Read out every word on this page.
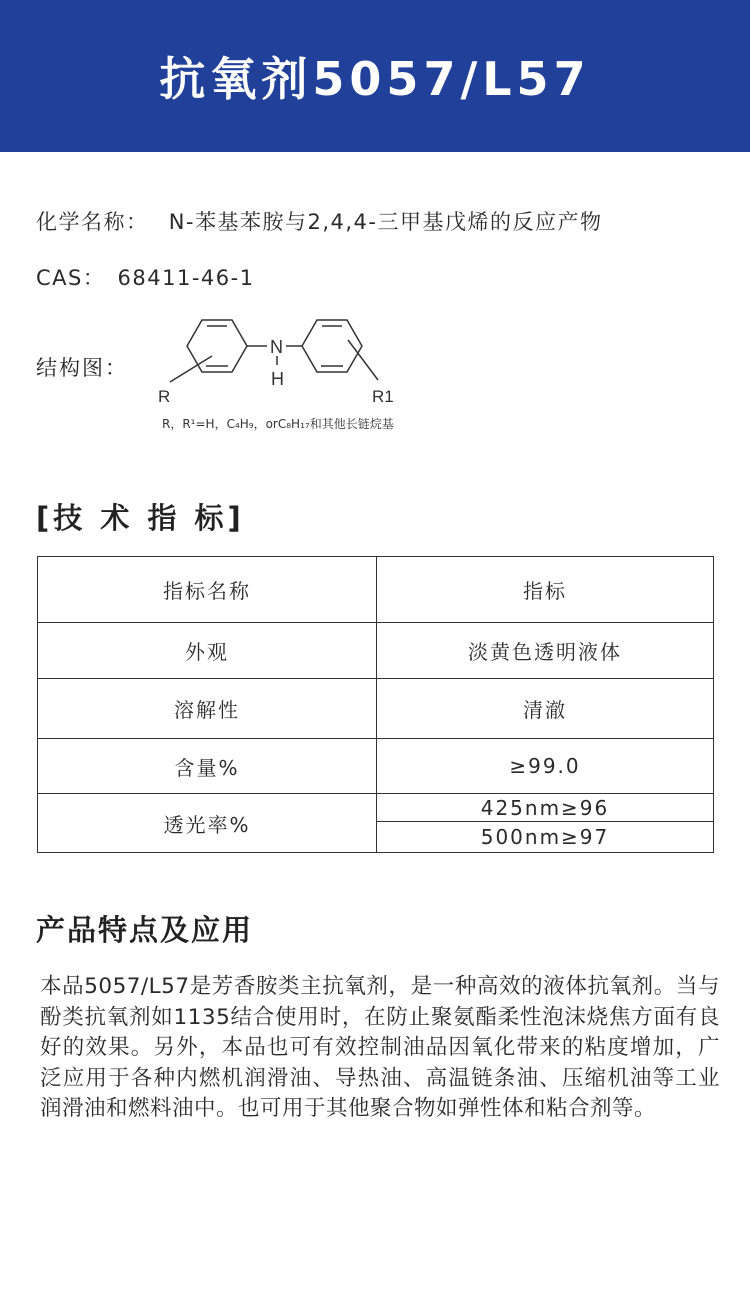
抗氧剂5057/L57
化学名称： N-苯基苯胺与2,4,4-三甲基戊烯的反应产物
CAS： 68411-46-1
结构图：
N
H
R	R1
R，R¹=H，C₄H₉，orC₈H₁₇和其他长链烷基
[技 术 指 标]
指标名称	指标
外观	淡黄色透明液体
溶解性	清澈
含量%	≥99.0
透光率%	425nm≥96
	500nm≥97
产品特点及应用
本品5057/L57是芳香胺类主抗氧剂，是一种高效的液体抗氧剂。当与酚类抗氧剂如1135结合使用时，在防止聚氨酯柔性泡沫烧焦方面有良好的效果。另外，本品也可有效控制油品因氧化带来的粘度增加，广泛应用于各种内燃机润滑油、导热油、高温链条油、压缩机油等工业润滑油和燃料油中。也可用于其他聚合物如弹性体和粘合剂等。
